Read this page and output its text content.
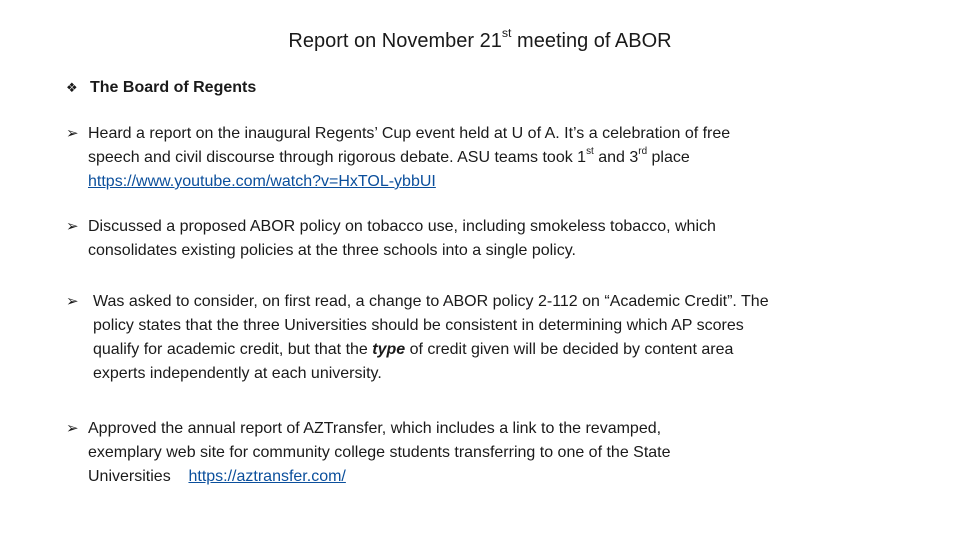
Report on November 21st meeting of ABOR
❖ The Board of Regents
➢ Heard a report on the inaugural Regents’ Cup event held at U of A. It’s a celebration of free
speech and civil discourse through rigorous debate. ASU teams took 1st and 3rd place
https://www.youtube.com/watch?v=HxTOL-ybbUI
➢ Discussed a proposed ABOR policy on tobacco use, including smokeless tobacco, which
consolidates existing policies at the three schools into a single policy.
➢ Was asked to consider, on first read, a change to ABOR policy 2-112 on “Academic Credit”. The
policy states that the three Universities should be consistent in determining which AP scores
qualify for academic credit, but that the type of credit given will be decided by content area
experts independently at each university.
➢ Approved the annual report of AZTransfer, which includes a link to the revamped,
exemplary web site for community college students transferring to one of the State
Universities    https://aztransfer.com/
